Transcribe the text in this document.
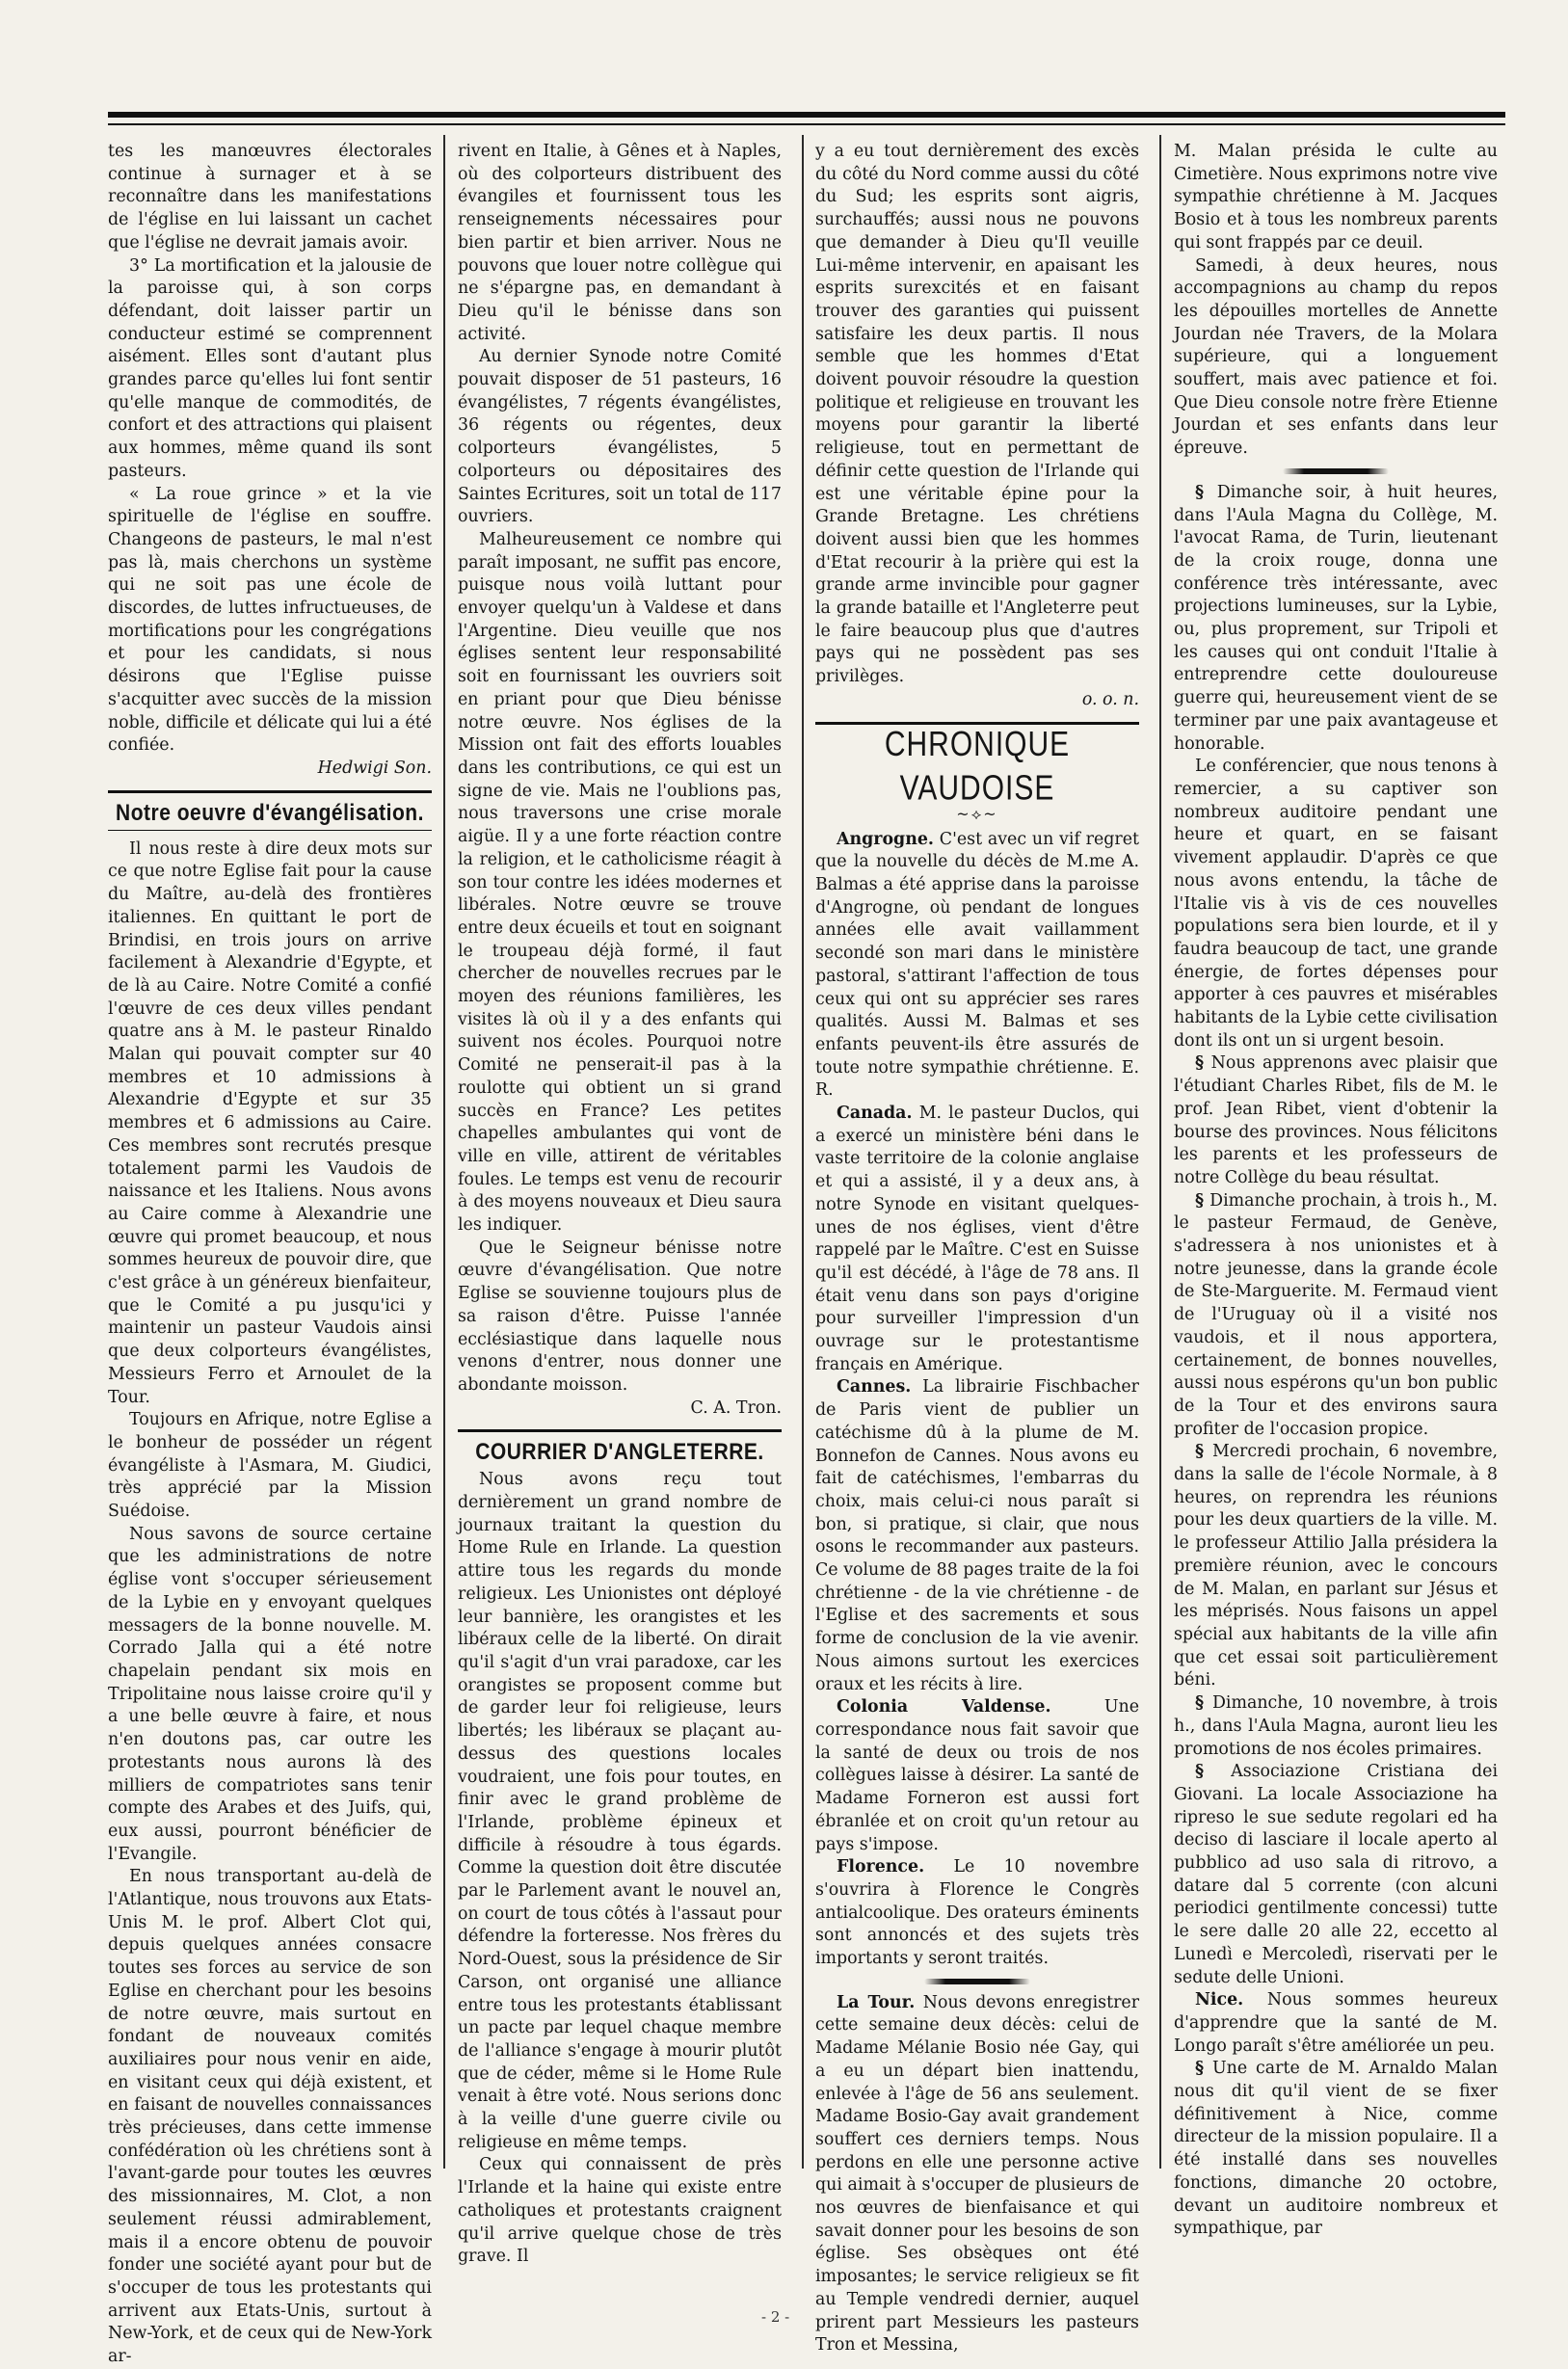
tes les manœuvres électorales continue à surnager et à se reconnaître dans les manifestations de l'église en lui laissant un cachet que l'église ne devrait jamais avoir.

3° La mortification et la jalousie de la paroisse qui, à son corps défendant, doit laisser partir un conducteur estimé se comprennent aisément. Elles sont d'autant plus grandes parce qu'elles lui font sentir qu'elle manque de commodités, de confort et des attractions qui plaisent aux hommes, même quand ils sont pasteurs.

« La roue grince » et la vie spirituelle de l'église en souffre. Changeons de pasteurs, le mal n'est pas là, mais cherchons un système qui ne soit pas une école de discordes, de luttes infructueuses, de mortifications pour les congrégations et pour les candidats, si nous désirons que l'Eglise puisse s'acquitter avec succès de la mission noble, difficile et délicate qui lui a été confiée.

Hedwigi Son.
Notre oeuvre d'évangélisation.

Il nous reste à dire deux mots sur ce que notre Eglise fait pour la cause du Maître, au-delà des frontières italiennes. En quittant le port de Brindisi, en trois jours on arrive facilement à Alexandrie d'Egypte, et de là au Caire. Notre Comité a confié l'œuvre de ces deux villes pendant quatre ans à M. le pasteur Rinaldo Malan qui pouvait compter sur 40 membres et 10 admissions à Alexandrie d'Egypte et sur 35 membres et 6 admissions au Caire. Ces membres sont recrutés presque totalement parmi les Vaudois de naissance et les Italiens. Nous avons au Caire comme à Alexandrie une œuvre qui promet beaucoup, et nous sommes heureux de pouvoir dire, que c'est grâce à un généreux bienfaiteur, que le Comité a pu jusqu'ici y maintenir un pasteur Vaudois ainsi que deux colporteurs évangélistes, Messieurs Ferro et Arnoulet de la Tour.

Toujours en Afrique, notre Eglise a le bonheur de posséder un régent évangéliste à l'Asmara, M. Giudici, très apprécié par la Mission Suédoise.

Nous savons de source certaine que les administrations de notre église vont s'occuper sérieusement de la Lybie en y envoyant quelques messagers de la bonne nouvelle. M. Corrado Jalla qui a été notre chapelain pendant six mois en Tripolitaine nous laisse croire qu'il y a une belle œuvre à faire, et nous n'en doutons pas, car outre les protestants nous aurons là des milliers de compatriotes sans tenir compte des Arabes et des Juifs, qui, eux aussi, pourront bénéficier de l'Evangile.

En nous transportant au-delà de l'Atlantique, nous trouvons aux Etats-Unis M. le prof. Albert Clot qui, depuis quelques années consacre toutes ses forces au service de son Eglise en cherchant pour les besoins de notre œuvre, mais surtout en fondant de nouveaux comités auxiliaires pour nous venir en aide, en visitant ceux qui déjà existent, et en faisant de nouvelles connaissances très précieuses, dans cette immense confédération où les chrétiens sont à l'avant-garde pour toutes les œuvres des missionnaires, M. Clot, a non seulement réussi admirablement, mais il a encore obtenu de pouvoir fonder une société ayant pour but de s'occuper de tous les protestants qui arrivent aux Etats-Unis, surtout à New-York, et de ceux qui de New-York ar-

rivent en Italie, à Gênes et à Naples, où des colporteurs distribuent des évangiles et fournissent tous les renseignements nécessaires pour bien partir et bien arriver. Nous ne pouvons que louer notre collègue qui ne s'épargne pas, en demandant à Dieu qu'il le bénisse dans son activité.

Au dernier Synode notre Comité pouvait disposer de 51 pasteurs, 16 évangélistes, 7 régents évangélistes, 36 régents ou régentes, deux colporteurs évangélistes, 5 colporteurs ou dépositaires des Saintes Ecritures, soit un total de 117 ouvriers.

Malheureusement ce nombre qui paraît imposant, ne suffit pas encore, puisque nous voilà luttant pour envoyer quelqu'un à Valdese et dans l'Argentine. Dieu veuille que nos églises sentent leur responsabilité soit en fournissant les ouvriers soit en priant pour que Dieu bénisse notre œuvre. Nos églises de la Mission ont fait des efforts louables dans les contributions, ce qui est un signe de vie. Mais ne l'oublions pas, nous traversons une crise morale aigüe. Il y a une forte réaction contre la religion, et le catholicisme réagit à son tour contre les idées modernes et libérales. Notre œuvre se trouve entre deux écueils et tout en soignant le troupeau déjà formé, il faut chercher de nouvelles recrues par le moyen des réunions familières, les visites là où il y a des enfants qui suivent nos écoles. Pourquoi notre Comité ne penserait-il pas à la roulotte qui obtient un si grand succès en France? Les petites chapelles ambulantes qui vont de ville en ville, attirent de véritables foules. Le temps est venu de recourir à des moyens nouveaux et Dieu saura les indiquer.

Que le Seigneur bénisse notre œuvre d'évangélisation. Que notre Eglise se souvienne toujours plus de sa raison d'être. Puisse l'année ecclésiastique dans laquelle nous venons d'entrer, nous donner une abondante moisson.

C. A. Tron.
COURRIER D'ANGLETERRE.

Nous avons reçu tout dernièrement un grand nombre de journaux traitant la question du Home Rule en Irlande. La question attire tous les regards du monde religieux. Les Unionistes ont déployé leur bannière, les orangistes et les libéraux celle de la liberté. On dirait qu'il s'agit d'un vrai paradoxe, car les orangistes se proposent comme but de garder leur foi religieuse, leurs libertés; les libéraux se plaçant au-dessus des questions locales voudraient, une fois pour toutes, en finir avec le grand problème de l'Irlande, problème épineux et difficile à résoudre à tous égards. Comme la question doit être discutée par le Parlement avant le nouvel an, on court de tous côtés à l'assaut pour défendre la forteresse. Nos frères du Nord-Ouest, sous la présidence de Sir Carson, ont organisé une alliance entre tous les protestants établissant un pacte par lequel chaque membre de l'alliance s'engage à mourir plutôt que de céder, même si le Home Rule venait à être voté. Nous serions donc à la veille d'une guerre civile ou religieuse en même temps.

Ceux qui connaissent de près l'Irlande et la haine qui existe entre catholiques et protestants craignent qu'il arrive quelque chose de très grave. Il

y a eu tout dernièrement des excès du côté du Nord comme aussi du côté du Sud; les esprits sont aigris, surchauffés; aussi nous ne pouvons que demander à Dieu qu'Il veuille Lui-même intervenir, en apaisant les esprits surexcités et en faisant trouver des garanties qui puissent satisfaire les deux partis. Il nous semble que les hommes d'Etat doivent pouvoir résoudre la question politique et religieuse en trouvant les moyens pour garantir la liberté religieuse, tout en permettant de définir cette question de l'Irlande qui est une véritable épine pour la Grande Bretagne. Les chrétiens doivent aussi bien que les hommes d'Etat recourir à la prière qui est la grande arme invincible pour gagner la grande bataille et l'Angleterre peut le faire beaucoup plus que d'autres pays qui ne possèdent pas ses privilèges.

o. o. n.
CHRONIQUE VAUDOISE
~⟡~

Angrogne. C'est avec un vif regret que la nouvelle du décès de M.me A. Balmas a été apprise dans la paroisse d'Angrogne, où pendant de longues années elle avait vaillamment secondé son mari dans le ministère pastoral, s'attirant l'affection de tous ceux qui ont su apprécier ses rares qualités. Aussi M. Balmas et ses enfants peuvent-ils être assurés de toute notre sympathie chrétienne. E. R.

Canada. M. le pasteur Duclos, qui a exercé un ministère béni dans le vaste territoire de la colonie anglaise et qui a assisté, il y a deux ans, à notre Synode en visitant quelques-unes de nos églises, vient d'être rappelé par le Maître. C'est en Suisse qu'il est décédé, à l'âge de 78 ans. Il était venu dans son pays d'origine pour surveiller l'impression d'un ouvrage sur le protestantisme français en Amérique.

Cannes. La librairie Fischbacher de Paris vient de publier un catéchisme dû à la plume de M. Bonnefon de Cannes. Nous avons eu fait de catéchismes, l'embarras du choix, mais celui-ci nous paraît si bon, si pratique, si clair, que nous osons le recommander aux pasteurs. Ce volume de 88 pages traite de la foi chrétienne - de la vie chrétienne - de l'Eglise et des sacrements et sous forme de conclusion de la vie avenir. Nous aimons surtout les exercices oraux et les récits à lire.

Colonia Valdense.	Une correspondance nous fait savoir que la santé de deux ou trois de nos collègues laisse à désirer. La santé de Madame Forneron est aussi fort ébranlée et on croit qu'un retour au pays s'impose.

Florence. Le 10 novembre s'ouvrira à Florence le Congrès antialcoolique. Des orateurs éminents sont annoncés et des sujets très importants y seront traités.

La Tour. Nous devons enregistrer cette semaine deux décès: celui de Madame Mélanie Bosio née Gay, qui a eu un départ bien inattendu, enlevée à l'âge de 56 ans seulement. Madame Bosio-Gay avait grandement souffert ces derniers temps. Nous perdons en elle une personne active qui aimait à s'occuper de plusieurs de nos œuvres de bienfaisance et qui savait donner pour les besoins de son église. Ses obsèques ont été imposantes; le service religieux se fit au Temple vendredi dernier, auquel prirent part Messieurs les pasteurs Tron et Messina,

M. Malan présida le culte au Cimetière. Nous exprimons notre vive sympathie chrétienne à M. Jacques Bosio et à tous les nombreux parents qui sont frappés par ce deuil.

Samedi, à deux heures, nous accompagnions au champ du repos les dépouilles mortelles de Annette Jourdan née Travers, de la Molara supérieure, qui a longuement souffert, mais avec patience et foi. Que Dieu console notre frère Etienne Jourdan et ses enfants dans leur épreuve.

§ Dimanche soir, à huit heures, dans l'Aula Magna du Collège, M. l'avocat Rama, de Turin, lieutenant de la croix rouge, donna une conférence très intéressante, avec projections lumineuses, sur la Lybie, ou, plus proprement, sur Tripoli et les causes qui ont conduit l'Italie à entreprendre cette douloureuse guerre qui, heureusement vient de se terminer par une paix avantageuse et honorable.

Le conférencier, que nous tenons à remercier, a su captiver son nombreux auditoire pendant une heure et quart, en se faisant vivement applaudir. D'après ce que nous avons entendu, la tâche de l'Italie vis à vis de ces nouvelles populations sera bien lourde, et il y faudra beaucoup de tact, une grande énergie, de fortes dépenses pour apporter à ces pauvres et misérables habitants de la Lybie cette civilisation dont ils ont un si urgent besoin.

§ Nous apprenons avec plaisir que l'étudiant Charles Ribet, fils de M. le prof. Jean Ribet, vient d'obtenir la bourse des provinces. Nous félicitons les parents et les professeurs de notre Collège du beau résultat.

§ Dimanche prochain, à trois h., M. le pasteur Fermaud, de Genève, s'adressera à nos unionistes et à notre jeunesse, dans la grande école de Ste-Marguerite. M. Fermaud vient de l'Uruguay où il a visité nos vaudois, et il nous apportera, certainement, de bonnes nouvelles, aussi nous espérons qu'un bon public de la Tour et des environs saura profiter de l'occasion propice.

§ Mercredi prochain, 6 novembre, dans la salle de l'école Normale, à 8 heures, on reprendra les réunions pour les deux quartiers de la ville. M. le professeur Attilio Jalla présidera la première réunion, avec le concours de M. Malan, en parlant sur Jésus et les méprisés. Nous faisons un appel spécial aux habitants de la ville afin que cet essai soit particulièrement béni.

§ Dimanche, 10 novembre, à trois h., dans l'Aula Magna, auront lieu les promotions de nos écoles primaires.

§ Associazione Cristiana dei Giovani. La locale Associazione ha ripreso le sue sedute regolari ed ha deciso di lasciare il locale aperto al pubblico ad uso sala di ritrovo, a datare dal 5 corrente (con alcuni periodici gentilmente concessi) tutte le sere dalle 20 alle 22, eccetto al Lunedì e Mercoledì, riservati per le sedute delle Unioni.

Nice. Nous sommes heureux d'apprendre que la santé de M. Longo paraît s'être améliorée un peu.

§ Une carte de M. Arnaldo Malan nous dit qu'il vient de se fixer définitivement à Nice, comme directeur de la mission populaire. Il a été installé dans ses nouvelles fonctions, dimanche 20 octobre, devant un auditoire nombreux et sympathique, par

- 2 -
